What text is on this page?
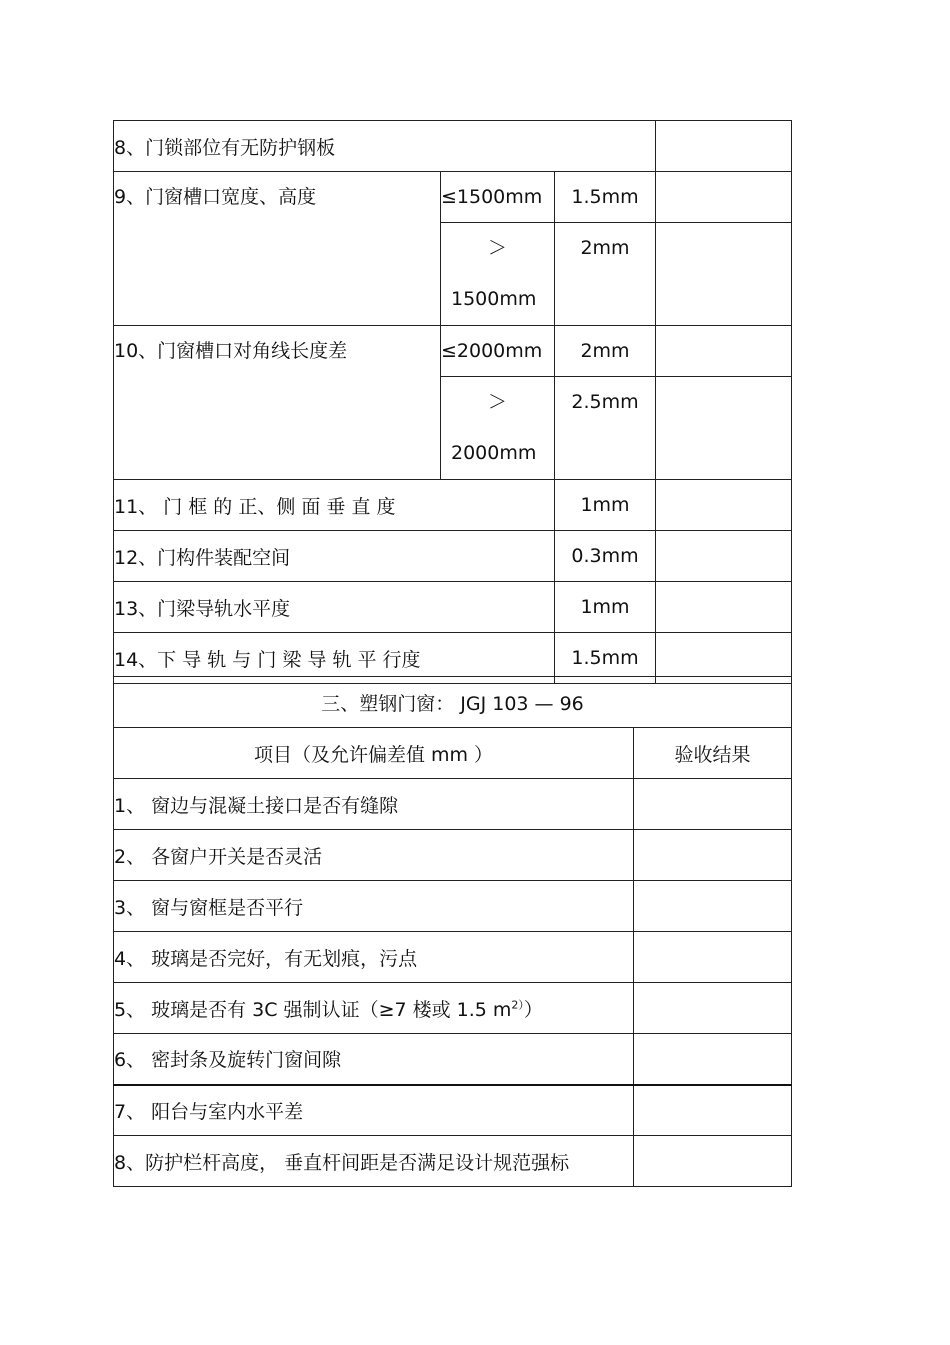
8、门锁部位有无防护钢板			

9、门窗槽口宽度、高度	≤1500mm	1.5mm	

	＞
1500mm	2mm	

10、门窗槽口对角线长度差	≤2000mm	2mm	

	＞
2000mm	2.5mm	

11、 门 框 的 正、侧 面 垂 直 度		1mm	
12、门构件装配空间		0.3mm	
13、门梁导轨水平度		1mm	
14、下 导 轨 与 门 梁 导 轨 平 行度		1.5mm	
三、塑钢门窗： JGJ 103 — 96	
项目（及允许偏差值 mm ）	验收结果
1、 窗边与混凝土接口是否有缝隙	
2、 各窗户开关是否灵活	
3、 窗与窗框是否平行	
4、 玻璃是否完好，有无划痕，污点	
5、 玻璃是否有 3C 强制认证（≥7 楼或 1.5 $m^{2)}$）	
6、 密封条及旋转门窗间隙	
7、 阳台与室内水平差	
8、防护栏杆高度， 垂直杆间距是否满足设计规范强标	
